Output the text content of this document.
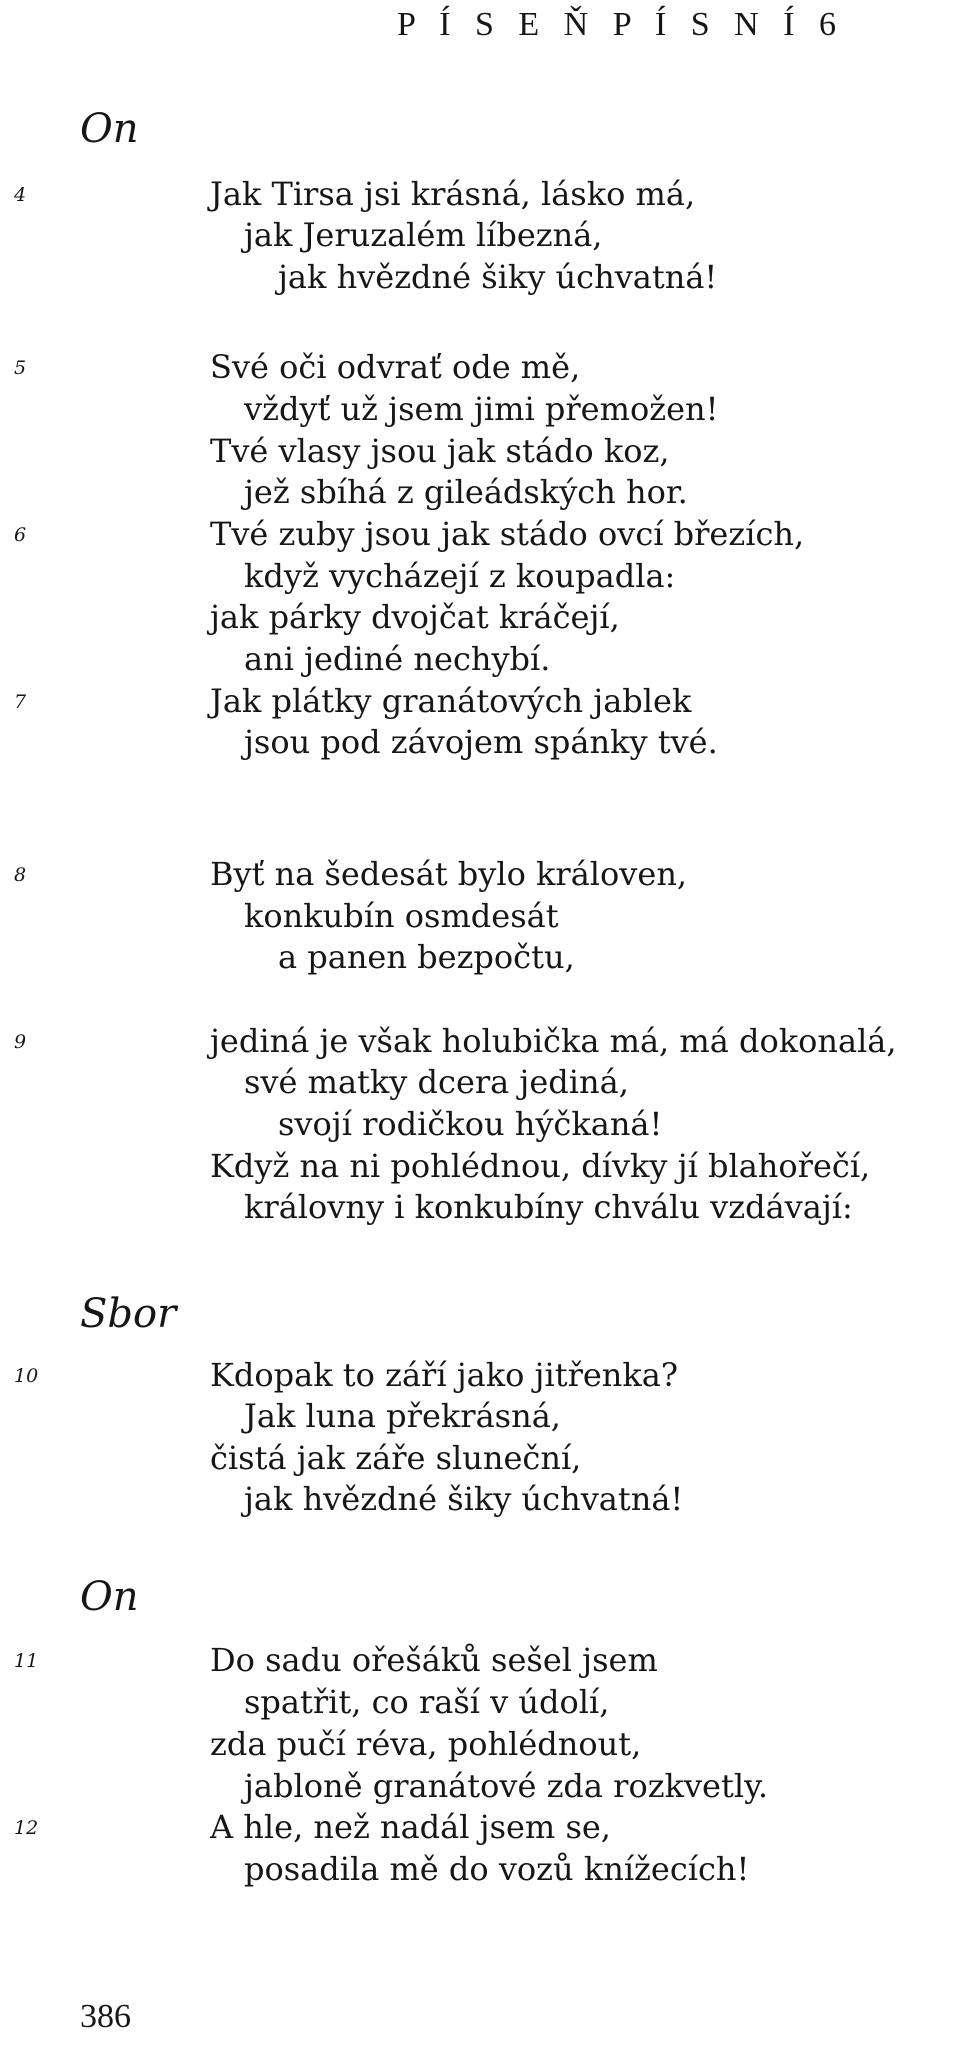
P Í S E Ň P Í S N Í 6
On
4	Jak Tirsa jsi krásná, lásko má,
jak Jeruzalém líbezná,
jak hvězdné šiky úchvatná!
5	Své oči odvrať ode mě,
vždyť už jsem jimi přemožen!
Tvé vlasy jsou jak stádo koz,
jež sbíhá z gileádských hor.
6	Tvé zuby jsou jak stádo ovcí březích,
když vycházejí z koupadla:
jak párky dvojčat kráčejí,
ani jediné nechybí.
7	Jak plátky granátových jablek
jsou pod závojem spánky tvé.
8	Byť na šedesát bylo královen,
konkubín osmdesát
a panen bezpočtu,
9	jediná je však holubička má, má dokonalá,
své matky dcera jediná,
svojí rodičkou hýčkaná!
Když na ni pohlédnou, dívky jí blahořečí,
královny i konkubíny chválu vzdávají:
Sbor
10	Kdopak to září jako jitřenka?
Jak luna překrásná,
čistá jak záře sluneční,
jak hvězdné šiky úchvatná!
On
11	Do sadu ořešáků sešel jsem
spatřit, co raší v údolí,
zda pučí réva, pohlédnout,
jabloně granátové zda rozkvetly.
12	A hle, než nadál jsem se,
posadila mě do vozů knížecích!
386
